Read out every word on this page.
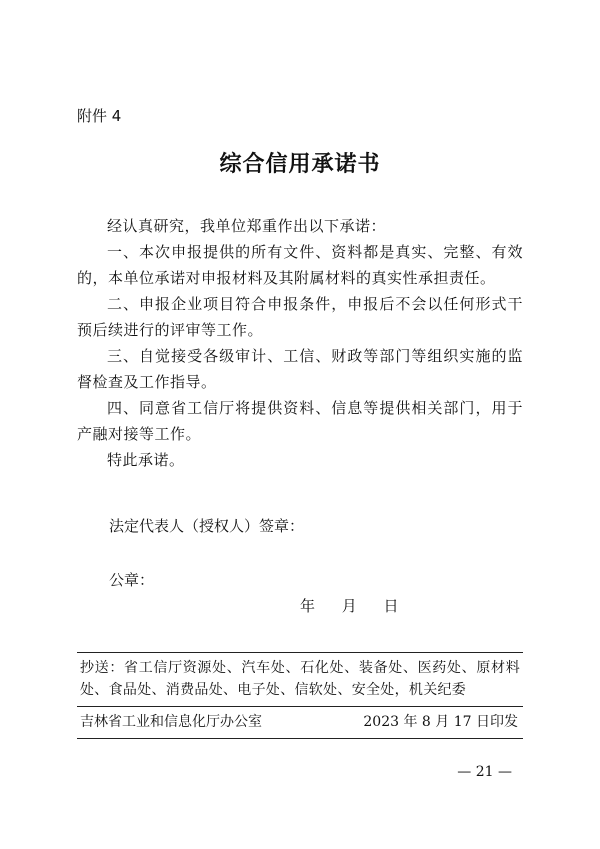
附件 4
综合信用承诺书

经认真研究，我单位郑重作出以下承诺：

一、本次申报提供的所有文件、资料都是真实、完整、有效的，本单位承诺对申报材料及其附属材料的真实性承担责任。

二、申报企业项目符合申报条件，申报后不会以任何形式干预后续进行的评审等工作。

三、自觉接受各级审计、工信、财政等部门等组织实施的监督检查及工作指导。

四、同意省工信厅将提供资料、信息等提供相关部门，用于产融对接等工作。

特此承诺。

法定代表人（授权人）签章：
公章：
年 月 日
抄送：省工信厅资源处、汽车处、石化处、装备处、医药处、原材料处、食品处、消费品处、电子处、信软处、安全处，机关纪委
吉林省工业和信息化厅办公室	2023 年 8 月 17 日印发
— 21 —
